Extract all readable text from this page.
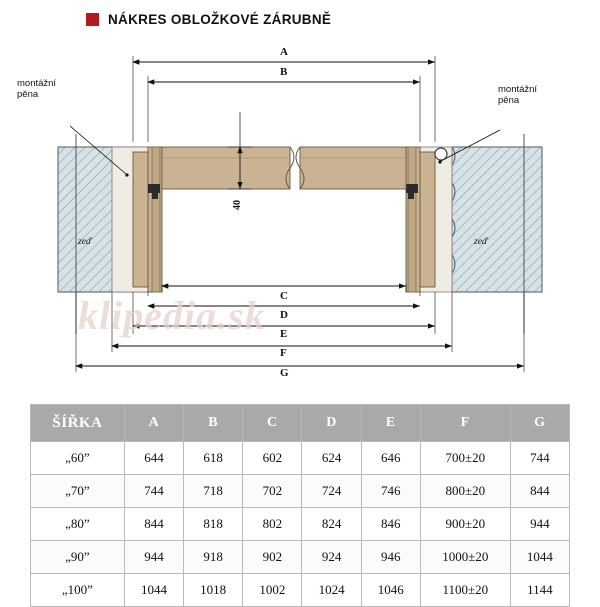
NÁKRES OBLOŽKOVÉ ZÁRUBNĚ
klipedia.sk
montážní
pěna	montážní
pěna
zeď	zeď
A
B
C
D
E
F
G
40
ŠÍŘKA	A	B	C	D	E	F	G
„60”	644	618	602	624	646	700±20	744
„70”	744	718	702	724	746	800±20	844
„80”	844	818	802	824	846	900±20	944
„90”	944	918	902	924	946	1000±20	1044
„100”	1044	1018	1002	1024	1046	1100±20	1144
